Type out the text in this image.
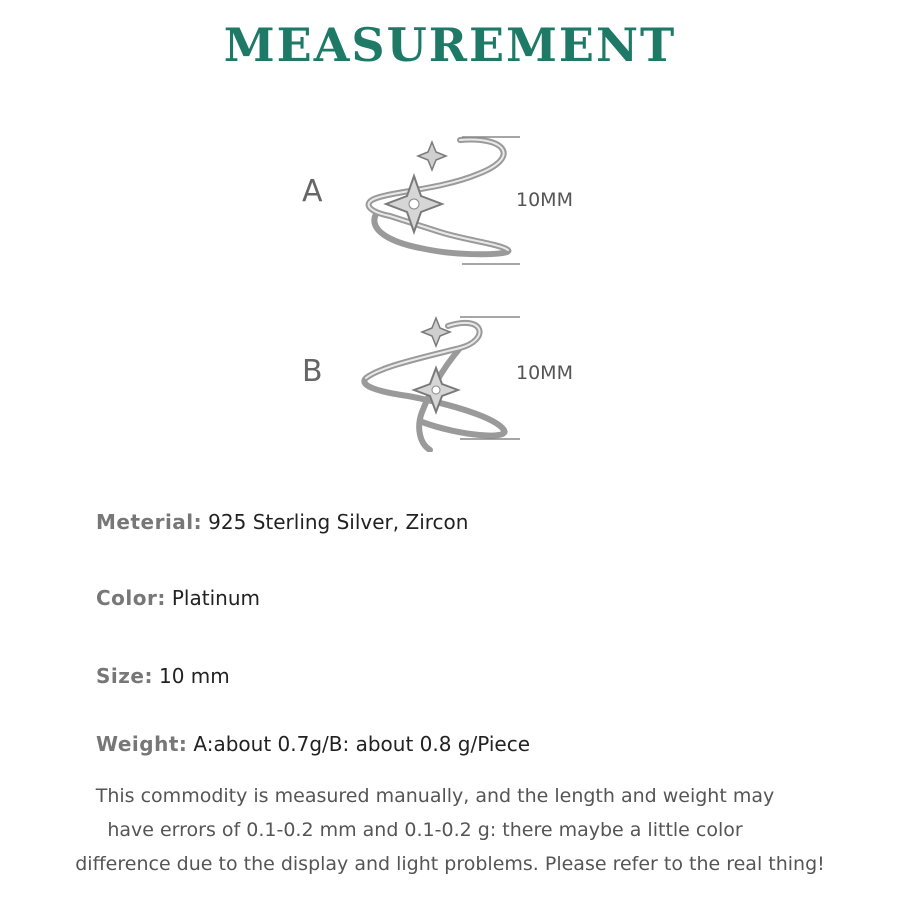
MEASUREMENT
A	10MM
B	10MM
Meterial: 925 Sterling Silver, Zircon
Color: Platinum
Size: 10 mm
Weight: A:about 0.7g/B: about 0.8 g/Piece
This commodity is measured manually, and the length and weight may
have errors of 0.1-0.2 mm and 0.1-0.2 g: there maybe a little color
difference due to the display and light problems. Please refer to the real thing!
